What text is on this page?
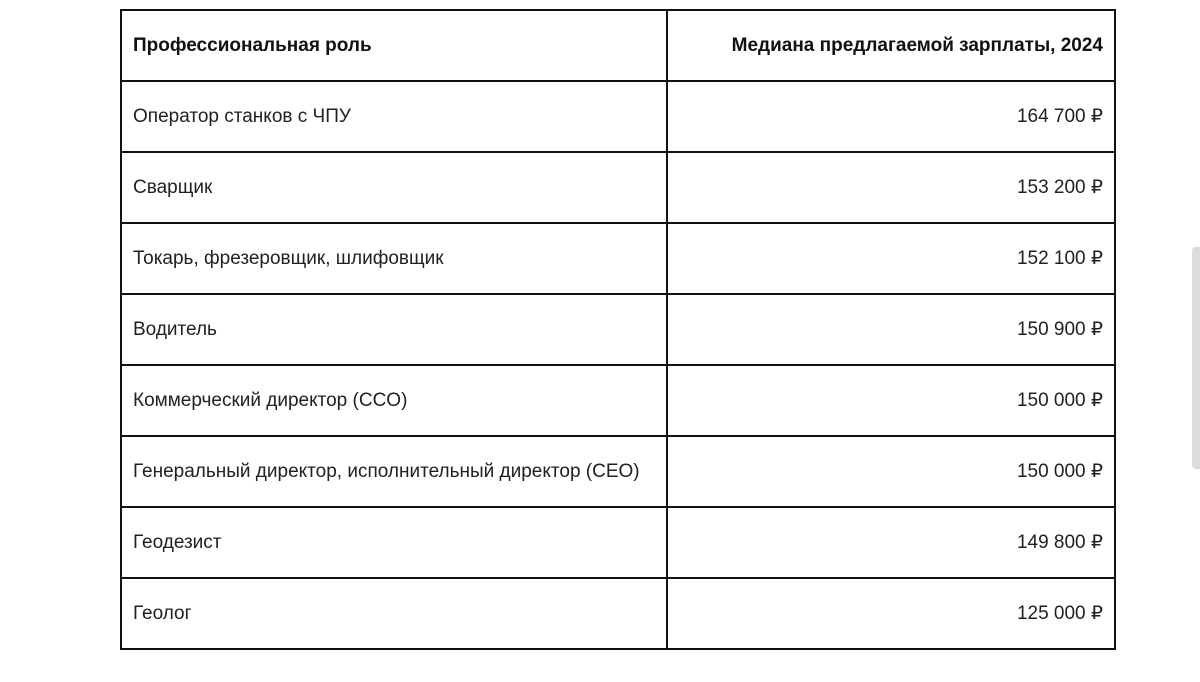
Профессиональная роль	Медиана предлагаемой зарплаты, 2024
Оператор станков с ЧПУ	164 700 ₽
Сварщик	153 200 ₽
Токарь, фрезеровщик, шлифовщик	152 100 ₽
Водитель	150 900 ₽
Коммерческий директор (CCO)	150 000 ₽
Генеральный директор, исполнительный директор (CEO)	150 000 ₽
Геодезист	149 800 ₽
Геолог	125 000 ₽
